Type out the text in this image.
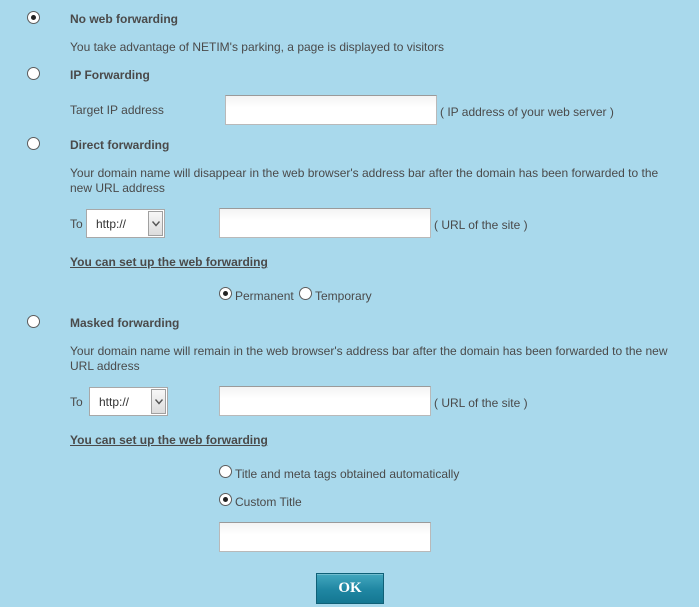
No web forwarding
You take advantage of NETIM's parking, a page is displayed to visitors
IP Forwarding
Target IP address	( IP address of your web server )
Direct forwarding
Your domain name will disappear in the web browser's address bar after the domain has been forwarded to the new URL address
To http://	( URL of the site )
You can set up the web forwarding
Permanent Temporary
Masked forwarding
Your domain name will remain in the web browser's address bar after the domain has been forwarded to the new URL address
To http://	( URL of the site )
You can set up the web forwarding
Title and meta tags obtained automatically
Custom Title
OK
